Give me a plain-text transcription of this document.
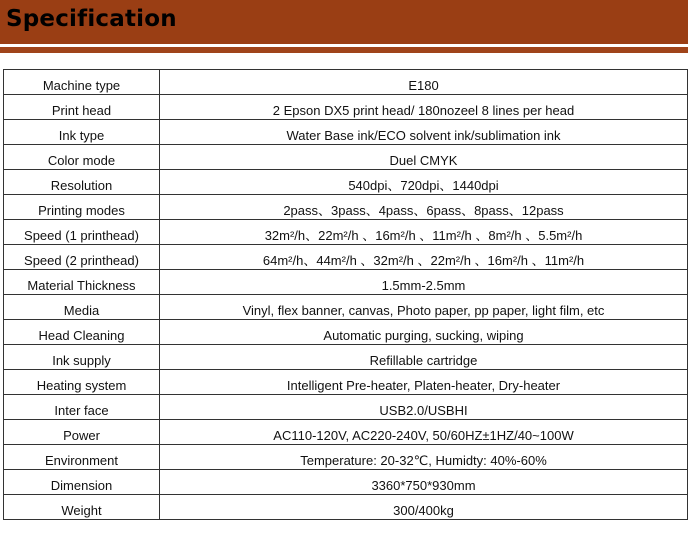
Specification
Machine type	E180
Print head	2 Epson DX5 print head/ 180nozeel 8 lines per head
Ink type	Water Base ink/ECO solvent ink/sublimation ink
Color mode	Duel CMYK
Resolution	540dpi、720dpi、1440dpi
Printing modes	2pass、3pass、4pass、6pass、8pass、12pass
Speed (1 printhead)	32m²/h、22m²/h 、16m²/h 、11m²/h 、8m²/h 、5.5m²/h
Speed (2 printhead)	64m²/h、44m²/h 、32m²/h 、22m²/h 、16m²/h 、11m²/h
Material Thickness	1.5mm-2.5mm
Media	Vinyl, flex banner, canvas, Photo paper, pp paper, light film, etc
Head Cleaning	Automatic purging, sucking, wiping
Ink supply	Refillable cartridge
Heating system	Intelligent Pre-heater, Platen-heater, Dry-heater
Inter face	USB2.0/USBHI
Power	AC110-120V, AC220-240V, 50/60HZ±1HZ/40~100W
Environment	Temperature: 20-32℃, Humidty: 40%-60%
Dimension	3360*750*930mm
Weight	300/400kg
